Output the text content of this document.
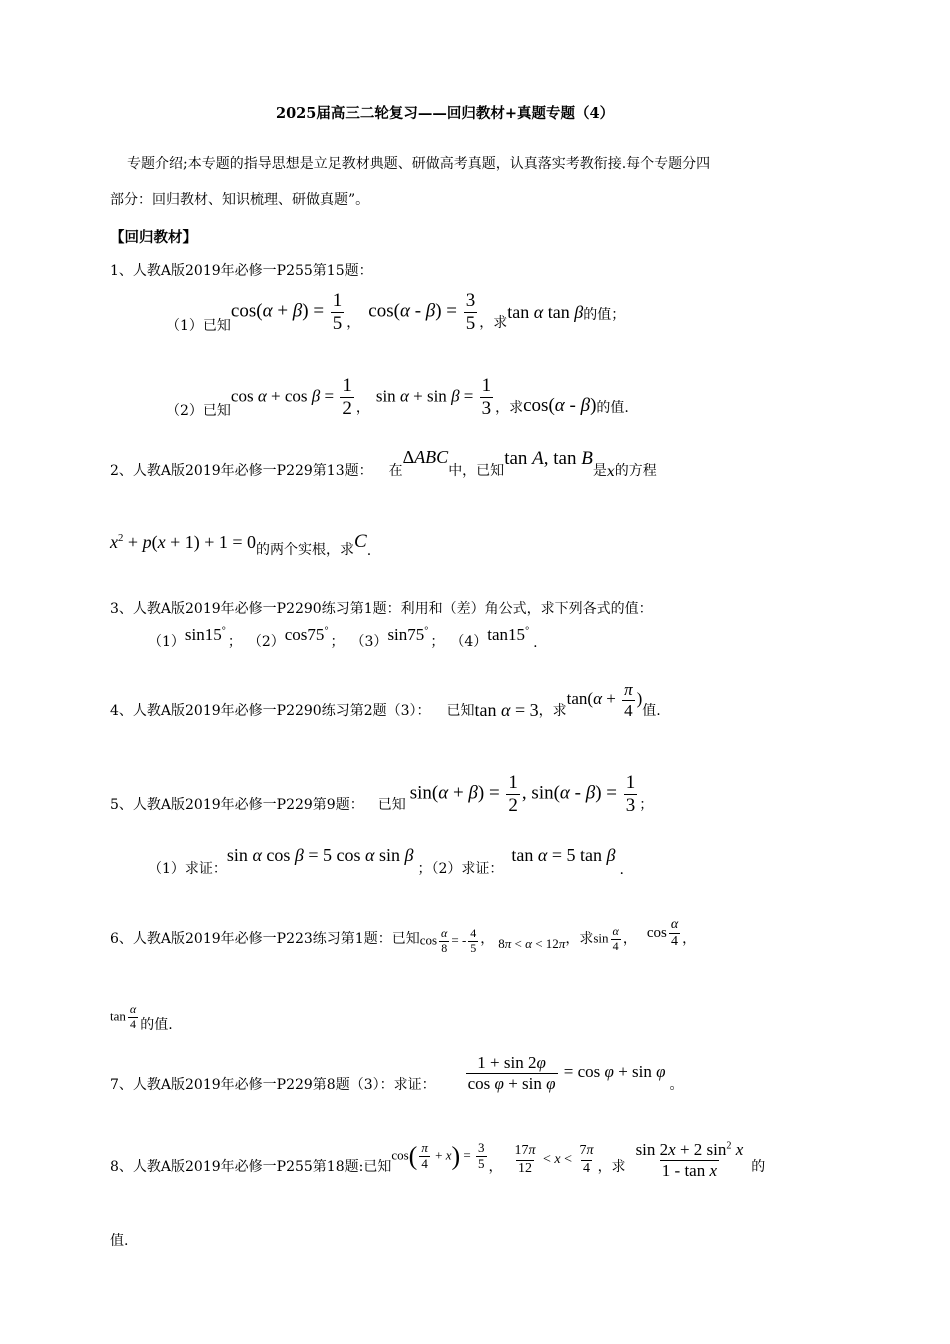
2025届高三二轮复习——回归教材+真题专题（4）
专题介绍;本专题的指导思想是立足教材典题、研做高考真题，认真落实考教衔接.每个专题分四
部分：回归教材、知识梳理、研做真题”。
【回归教材】
1、人教A版2019年必修一P255第15题：
（1）已知
$\cos(\alpha + \beta) = \frac{1}{5}$ ，
$\cos(\alpha - \beta) = \frac{3}{5}$ ，求
tan α tan β 的值；
（2）已知
$\cos \alpha + \cos \beta = \frac{1}{2}$ ，
$\sin \alpha + \sin \beta = \frac{1}{3}$ ，求 cos(α - β) 的值.
2、人教A版2019年必修一P229第13题： 在
ΔABC
中，已知
tan A, tan B
是 x 的方程
$x^2 + p(x + 1) + 1 = 0$ 的两个实根，求 C .
3、人教A版2019年必修一P2290练习第1题：利用和（差）角公式，求下列各式的值：
（1） sin15°
； （2） cos75°
； （3） sin75°
； （4） tan15°
.
4、人教A版2019年必修一P2290练习第2题（3）： 已知 tan α = 3 ，求
$\tan(\alpha + \frac{\pi}{4}$ )
值.
5、人教A版2019年必修一P229第9题： 已知
$\sin(\alpha + \beta) = \frac{1}{2}$ , $\sin(\alpha - \beta) = \frac{1}{3}$ ；
（1）求证：
sin α cos β = 5 cos α sin β
；（2）求证：
tan α = 5 tan β
.
6、人教A版2019年必修一P223练习第1题：已知 $\cos \frac{\alpha}{8}$ = - $\frac{4}{5}$ ， 8π < α < 12π ，求 $\sin \frac{\alpha}{4}$ ， $\cos \frac{\alpha}{4}$ ，
$\tan \frac{\alpha}{4}$ 的值.
7、人教A版2019年必修一P229第8题（3）：求证： $\frac{1 + \sin 2\varphi}{\text{cos φ + sin φ}} = \cos \varphi + \sin \varphi$
。
8、人教A版2019年必修一P255第18题:已知
$\cos( \frac{\pi}{4} + x) = \frac{3}{5}$ ， $\frac{17\pi}{12} < x < \frac{7\pi}{4}$ ，求 $\frac{\sin 2x + 2 \sin^2 x}{\text{1 - tan x}}$ 的
值.
